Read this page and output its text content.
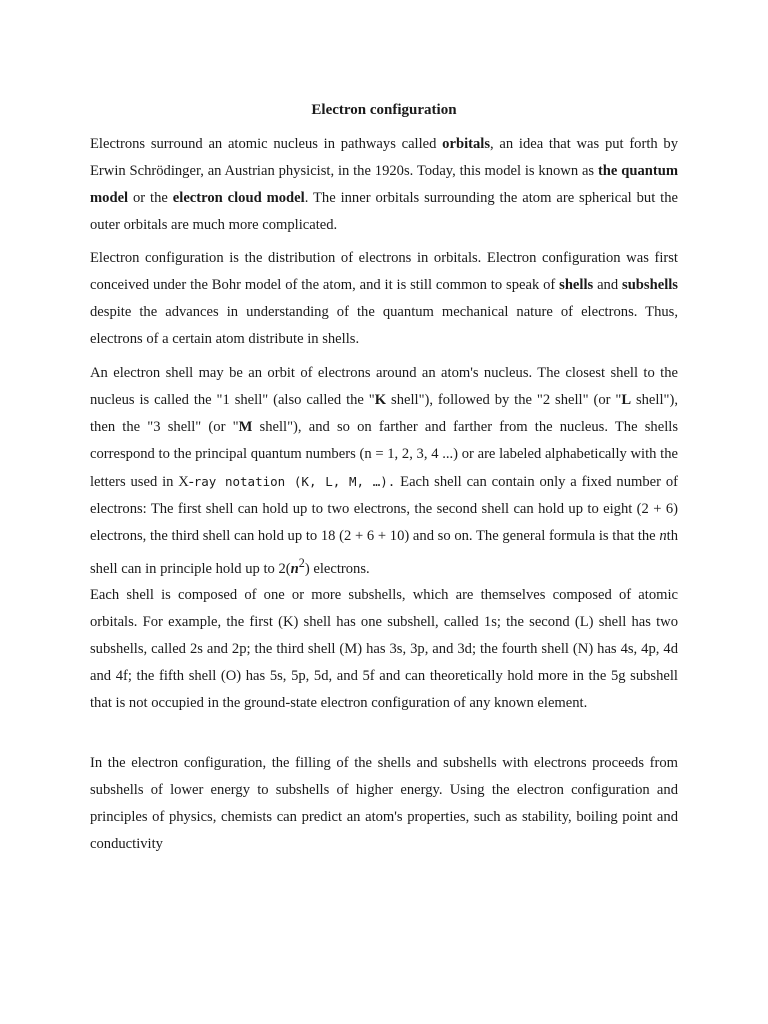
Electron configuration

Electrons surround an atomic nucleus in pathways called orbitals, an idea that was put forth by Erwin Schrödinger, an Austrian physicist, in the 1920s. Today, this model is known as the quantum model or the electron cloud model. The inner orbitals surrounding the atom are spherical but the outer orbitals are much more complicated.

Electron configuration is the distribution of electrons in orbitals. Electron configuration was first conceived under the Bohr model of the atom, and it is still common to speak of shells and subshells despite the advances in understanding of the quantum mechanical nature of electrons. Thus, electrons of a certain atom distribute in shells.

An electron shell may be an orbit of electrons around an atom's nucleus. The closest shell to the nucleus is called the "1 shell" (also called the "K shell"), followed by the "2 shell" (or "L shell"), then the "3 shell" (or "M shell"), and so on farther and farther from the nucleus. The shells correspond to the principal quantum numbers (n = 1, 2, 3, 4 ...) or are labeled alphabetically with the letters used in X-ray notation (K, L, M, …). Each shell can contain only a fixed number of electrons: The first shell can hold up to two electrons, the second shell can hold up to eight (2 + 6) electrons, the third shell can hold up to 18 (2 + 6 + 10) and so on. The general formula is that the nth shell can in principle hold up to $2(n^2)$ electrons.

Each shell is composed of one or more subshells, which are themselves composed of atomic orbitals. For example, the first (K) shell has one subshell, called 1s; the second (L) shell has two subshells, called 2s and 2p; the third shell (M) has 3s, 3p, and 3d; the fourth shell (N) has 4s, 4p, 4d and 4f; the fifth shell (O) has 5s, 5p, 5d, and 5f and can theoretically hold more in the 5g subshell that is not occupied in the ground-state electron configuration of any known element.

In the electron configuration, the filling of the shells and subshells with electrons proceeds from subshells of lower energy to subshells of higher energy. Using the electron configuration and principles of physics, chemists can predict an atom's properties, such as stability, boiling point and conductivity
